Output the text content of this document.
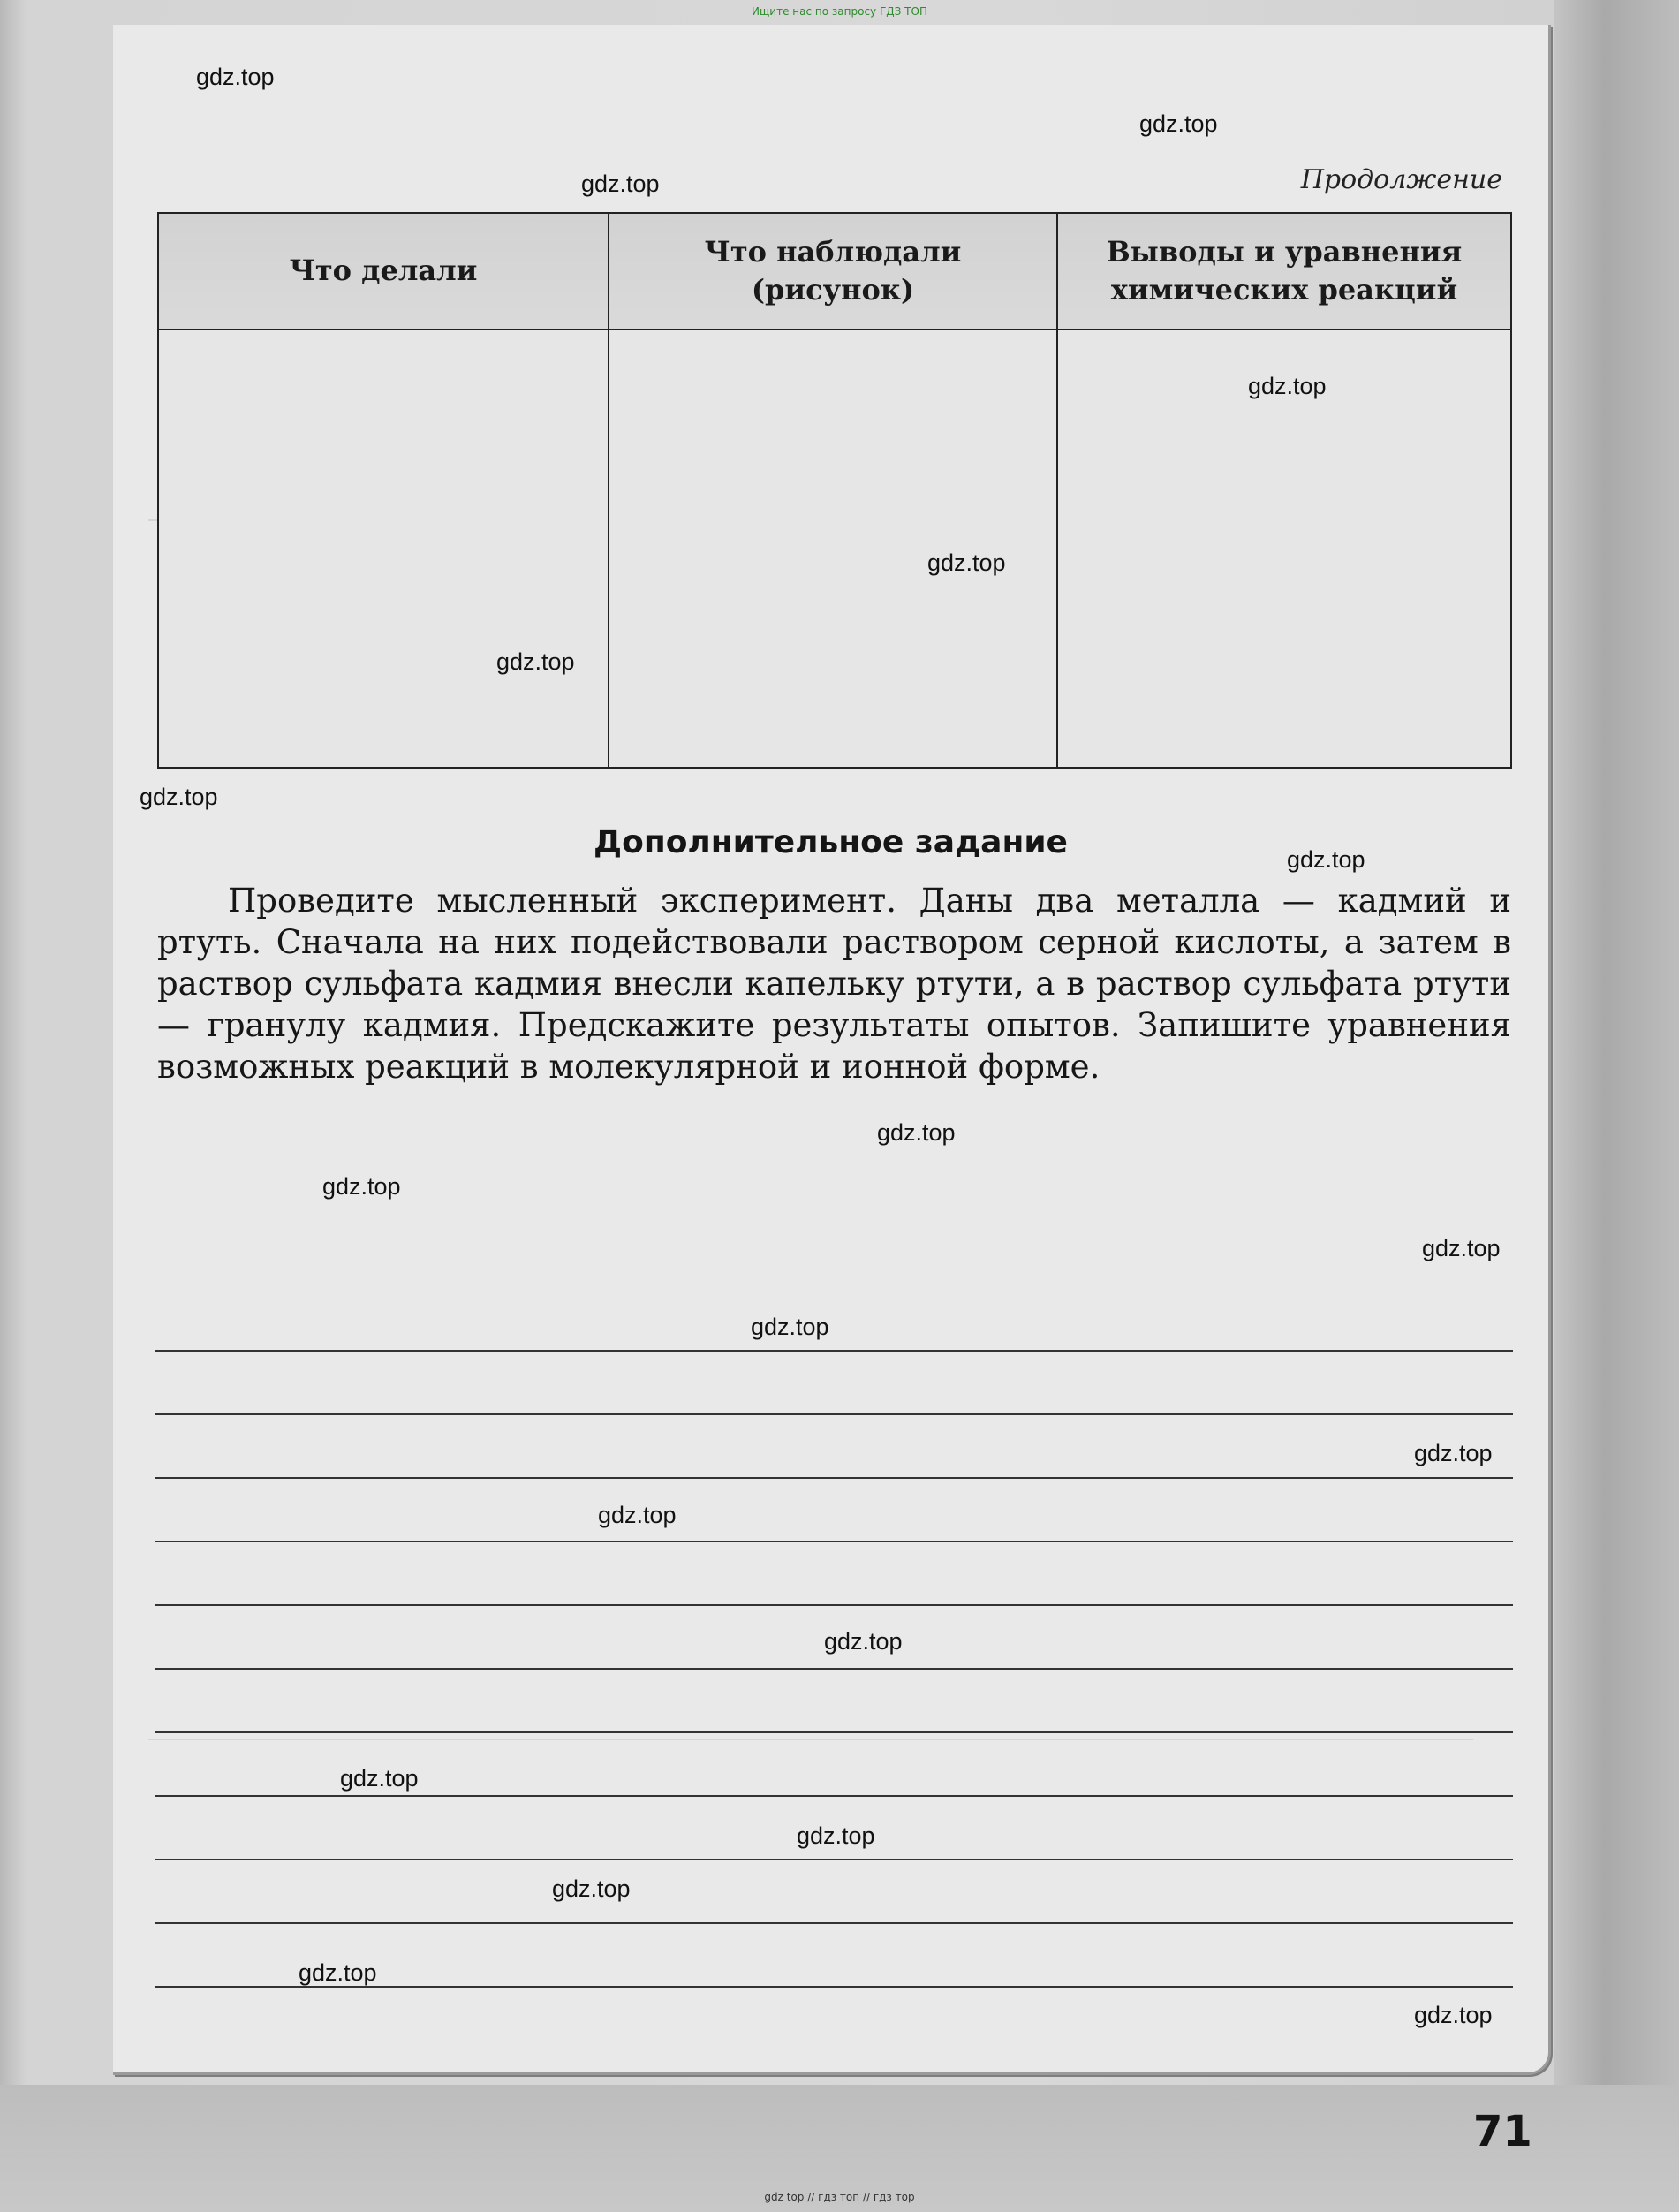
Ищите нас по запросу ГДЗ ТОП
Продолжение
Что делали	Что наблюдали (рисунок)	Выводы и уравнения химических реакций

Дополнительное задание

Проведите мысленный эксперимент. Даны два металла — кадмий и ртуть. Сначала на них подействовали раствором серной кислоты, а затем в раствор сульфата кадмия внесли капельку ртути, а в раствор сульфата ртути — гранулу кадмия. Предскажите результаты опытов. Запишите уравнения возможных реакций в молекулярной и ионной форме.

71
gdz.top
gdz.top
gdz.top
gdz.top
gdz.top
gdz.top
gdz.top
gdz.top
gdz.top
gdz.top
gdz.top
gdz.top
gdz.top
gdz.top
gdz.top
gdz.top
gdz.top
gdz.top
gdz.top
gdz.top
gdz top // гдз топ // гдз тор
